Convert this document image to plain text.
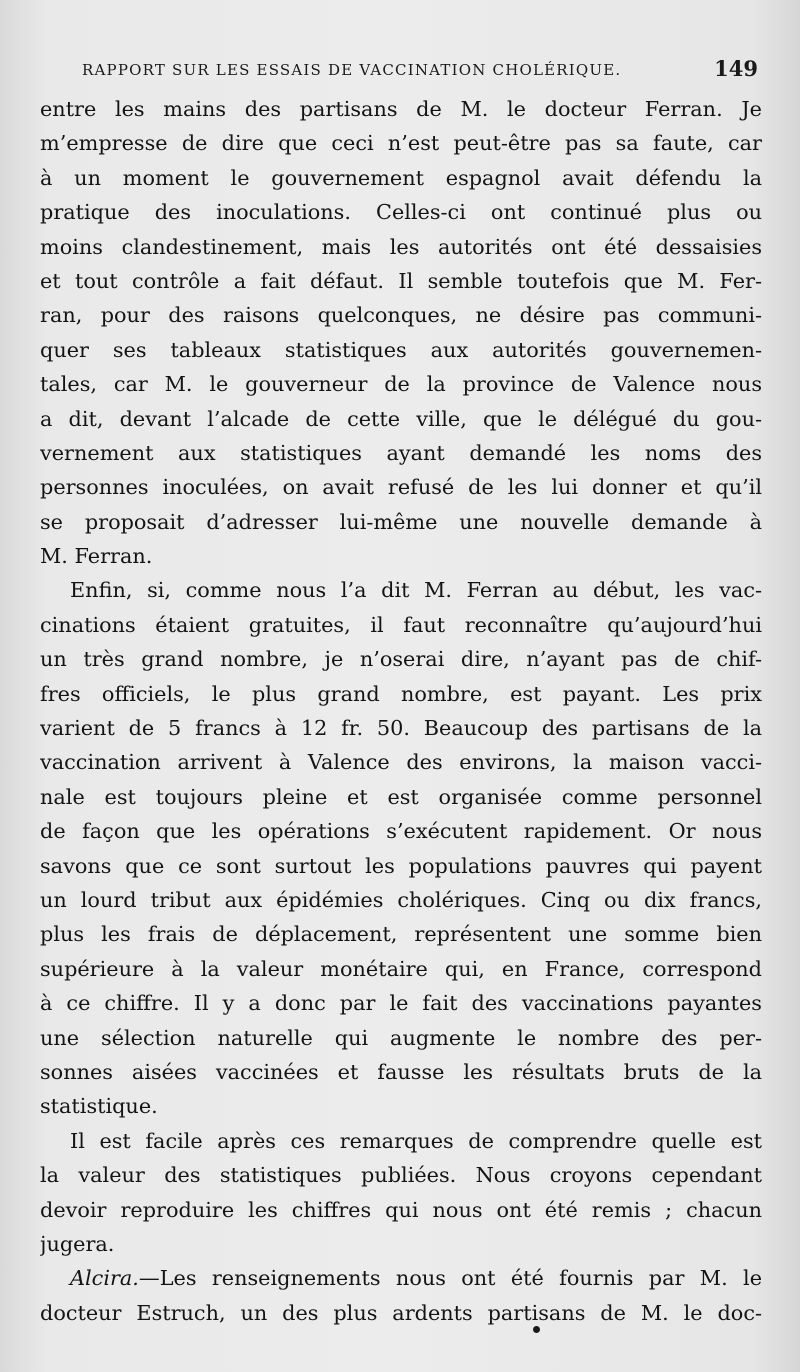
RAPPORT SUR LES ESSAIS DE VACCINATION CHOLÉRIQUE.	149
entre les mains des partisans de M. le docteur Ferran. Je
m’empresse de dire que ceci n’est peut-être pas sa faute, car
à un moment le gouvernement espagnol avait défendu la
pratique des inoculations. Celles-ci ont continué plus ou
moins clandestinement, mais les autorités ont été dessaisies
et tout contrôle a fait défaut. Il semble toutefois que M. Fer-
ran, pour des raisons quelconques, ne désire pas communi-
quer ses tableaux statistiques aux autorités gouvernemen-
tales, car M. le gouverneur de la province de Valence nous
a dit, devant l’alcade de cette ville, que le délégué du gou-
vernement aux statistiques ayant demandé les noms des
personnes inoculées, on avait refusé de les lui donner et qu’il
se proposait d’adresser lui-même une nouvelle demande à
M. Ferran.
Enfin, si, comme nous l’a dit M. Ferran au début, les vac-
cinations étaient gratuites, il faut reconnaître qu’aujourd’hui
un très grand nombre, je n’oserai dire, n’ayant pas de chif-
fres officiels, le plus grand nombre, est payant. Les prix
varient de 5 francs à 12 fr. 50. Beaucoup des partisans de la
vaccination arrivent à Valence des environs, la maison vacci-
nale est toujours pleine et est organisée comme personnel
de façon que les opérations s’exécutent rapidement. Or nous
savons que ce sont surtout les populations pauvres qui payent
un lourd tribut aux épidémies cholériques. Cinq ou dix francs,
plus les frais de déplacement, représentent une somme bien
supérieure à la valeur monétaire qui, en France, correspond
à ce chiffre. Il y a donc par le fait des vaccinations payantes
une sélection naturelle qui augmente le nombre des per-
sonnes aisées vaccinées et fausse les résultats bruts de la
statistique.
Il est facile après ces remarques de comprendre quelle est
la valeur des statistiques publiées. Nous croyons cependant
devoir reproduire les chiffres qui nous ont été remis ; chacun
jugera.
Alcira.—Les renseignements nous ont été fournis par M. le
docteur Estruch, un des plus ardents partisans de M. le doc-
